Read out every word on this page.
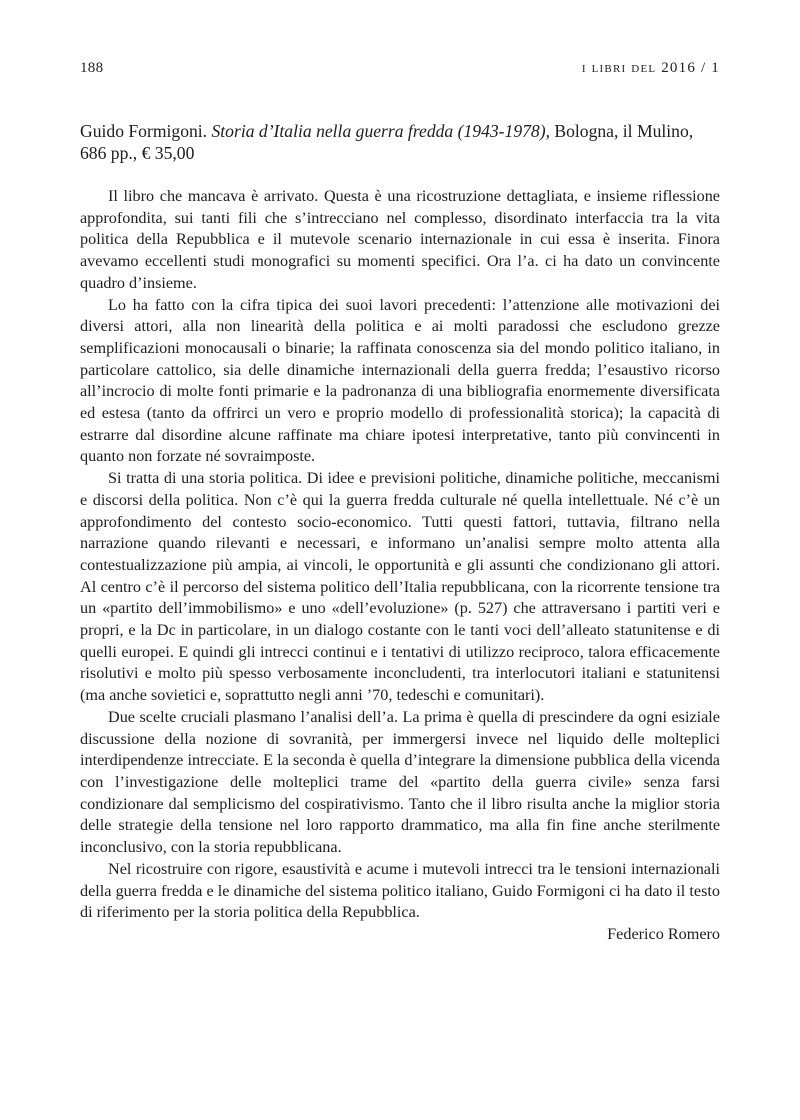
188	i libri del 2016 / 1
Guido Formigoni. Storia d’Italia nella guerra fredda (1943-1978), Bologna, il Mulino, 686 pp., € 35,00

Il libro che mancava è arrivato. Questa è una ricostruzione dettagliata, e insieme riflessione approfondita, sui tanti fili che s’intrecciano nel complesso, disordinato interfaccia tra la vita politica della Repubblica e il mutevole scenario internazionale in cui essa è inserita. Finora avevamo eccellenti studi monografici su momenti specifici. Ora l’a. ci ha dato un convincente quadro d’insieme.

Lo ha fatto con la cifra tipica dei suoi lavori precedenti: l’attenzione alle motivazioni dei diversi attori, alla non linearità della politica e ai molti paradossi che escludono grezze semplificazioni monocausali o binarie; la raffinata conoscenza sia del mondo politico italiano, in particolare cattolico, sia delle dinamiche internazionali della guerra fredda; l’esaustivo ricorso all’incrocio di molte fonti primarie e la padronanza di una bibliografia enormemente diversificata ed estesa (tanto da offrirci un vero e proprio modello di professionalità storica); la capacità di estrarre dal disordine alcune raffinate ma chiare ipotesi interpretative, tanto più convincenti in quanto non forzate né sovraimposte.

Si tratta di una storia politica. Di idee e previsioni politiche, dinamiche politiche, meccanismi e discorsi della politica. Non c’è qui la guerra fredda culturale né quella intellettuale. Né c’è un approfondimento del contesto socio-economico. Tutti questi fattori, tuttavia, filtrano nella narrazione quando rilevanti e necessari, e informano un’analisi sempre molto attenta alla contestualizzazione più ampia, ai vincoli, le opportunità e gli assunti che condizionano gli attori. Al centro c’è il percorso del sistema politico dell’Italia repubblicana, con la ricorrente tensione tra un «partito dell’immobilismo» e uno «dell’evoluzione» (p. 527) che attraversano i partiti veri e propri, e la Dc in particolare, in un dialogo costante con le tanti voci dell’alleato statunitense e di quelli europei. E quindi gli intrecci continui e i tentativi di utilizzo reciproco, talora efficacemente risolutivi e molto più spesso verbosamente inconcludenti, tra interlocutori italiani e statunitensi (ma anche sovietici e, soprattutto negli anni ’70, tedeschi e comunitari).

Due scelte cruciali plasmano l’analisi dell’a. La prima è quella di prescindere da ogni esiziale discussione della nozione di sovranità, per immergersi invece nel liquido delle molteplici interdipendenze intrecciate. E la seconda è quella d’integrare la dimensione pubblica della vicenda con l’investigazione delle molteplici trame del «partito della guerra civile» senza farsi condizionare dal semplicismo del cospirativismo. Tanto che il libro risulta anche la miglior storia delle strategie della tensione nel loro rapporto drammatico, ma alla fin fine anche sterilmente inconclusivo, con la storia repubblicana.

Nel ricostruire con rigore, esaustività e acume i mutevoli intrecci tra le tensioni internazionali della guerra fredda e le dinamiche del sistema politico italiano, Guido Formigoni ci ha dato il testo di riferimento per la storia politica della Repubblica.

Federico Romero
